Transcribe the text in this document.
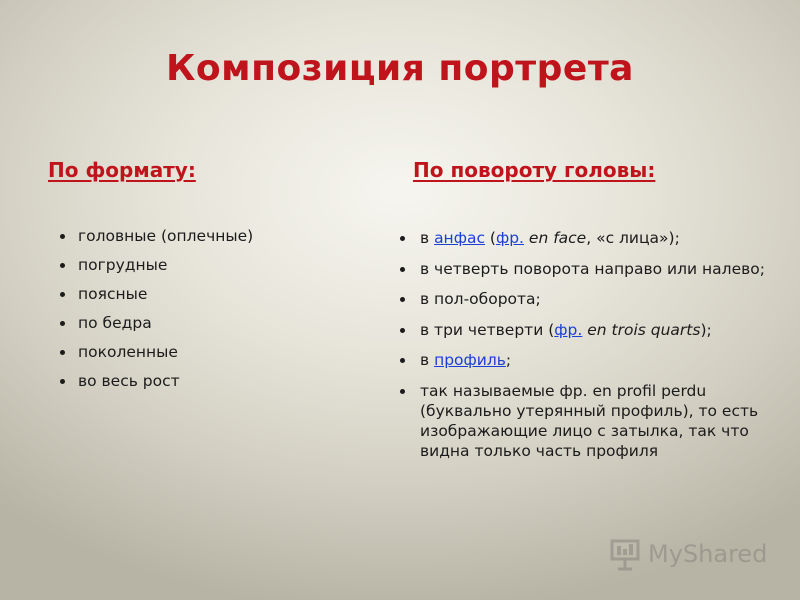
Композиция портрета
По формату:	По повороту головы:
головные (оплечные)
погрудные
поясные
по бедра
поколенные
во весь рост
в анфас (фр. en face, «с лица»);
в четверть поворота направо или налево;
в пол-оборота;
в три четверти (фр. en trois quarts);
в профиль;
так называемые фр. en profil perdu (буквально утерянный профиль), то есть изображающие лицо с затылка, так что видна только часть профиля
MyShared
